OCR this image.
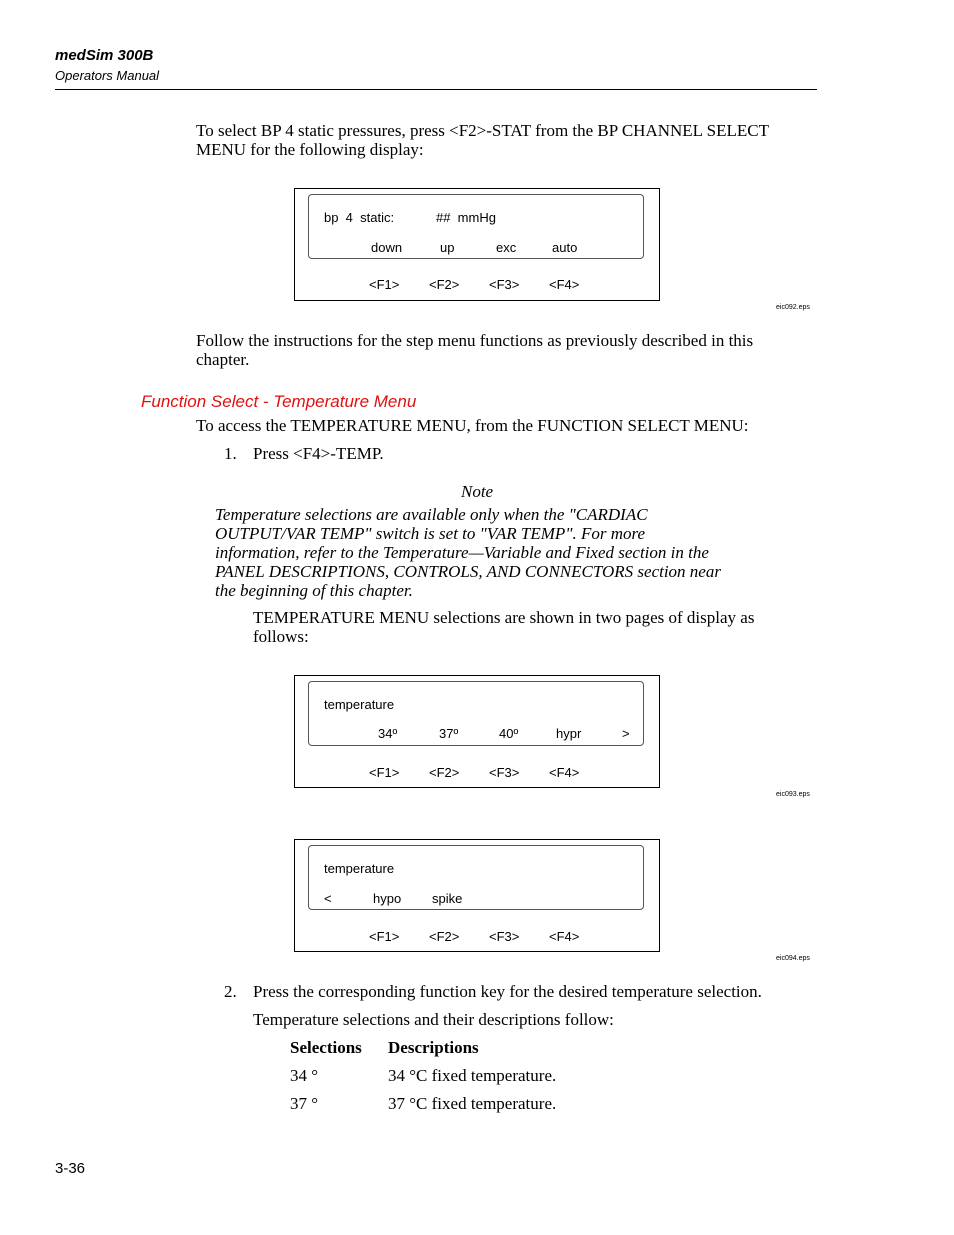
medSim 300B
Operators Manual
To select BP 4 static pressures, press <F2>-STAT from the BP CHANNEL SELECT
MENU for the following display:
bp  4  static:	##  mmHg
down	up	exc	auto
<F1> <F2> <F3> <F4>
eic092.eps
Follow the instructions for the step menu functions as previously described in this
chapter.
Function Select - Temperature Menu
To access the TEMPERATURE MENU, from the FUNCTION SELECT MENU:
1. Press <F4>-TEMP.
Note
Temperature selections are available only when the "CARDIAC
OUTPUT/VAR TEMP" switch is set to "VAR TEMP". For more
information, refer to the Temperature—Variable and Fixed section in the
PANEL DESCRIPTIONS, CONTROLS, AND CONNECTORS section near
the beginning of this chapter.
TEMPERATURE MENU selections are shown in two pages of display as
follows:
temperature
34º	37º	40º	hypr	>
<F1> <F2> <F3> <F4>
eic093.eps
temperature
<	hypo spike
<F1> <F2> <F3> <F4>
eic094.eps
2. Press the corresponding function key for the desired temperature selection.
Temperature selections and their descriptions follow:
Selections Descriptions
34 °	34 °C fixed temperature.
37 °	37 °C fixed temperature.
3-36
